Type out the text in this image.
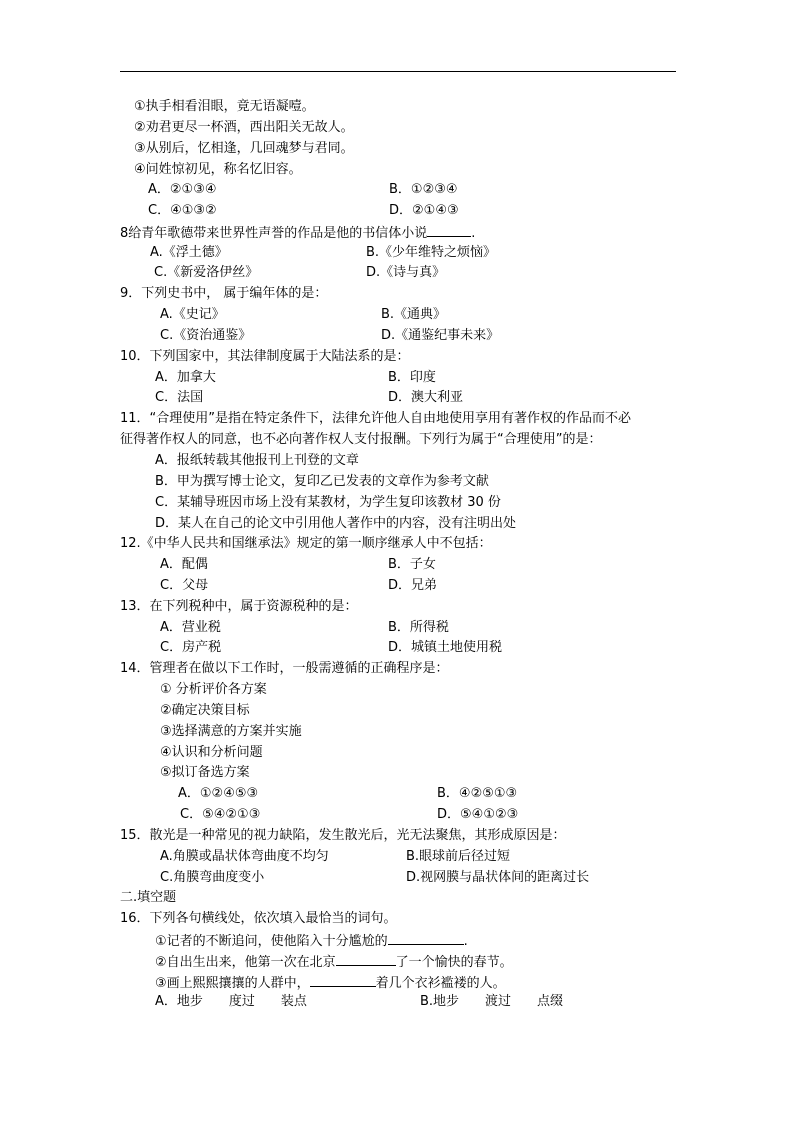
①执手相看泪眼，竟无语凝噎。
②劝君更尽一杯酒，西出阳关无故人。
③从别后，忆相逢，几回魂梦与君同。
④问姓惊初见，称名忆旧容。
A．②①③④	B．①②③④
C．④①③②	D．②①④③
8给青年歌德带来世界性声誉的作品是他的书信体小说	.
A.《浮土德》	B.《少年维特之烦恼》
C.《新爱洛伊丝》	D.《诗与真》
9．下列史书中， 属于编年体的是：
A.《史记》	B.《通典》
C.《资治通鉴》	D.《通鉴纪事未来》
10．下列国家中，其法律制度属于大陆法系的是：
A．加拿大	B．印度
C．法国	D．澳大利亚
11．“合理使用”是指在特定条件下，法律允许他人自由地使用享用有著作权的作品而不必
征得著作权人的同意，也不必向著作权人支付报酬。下列行为属于“合理使用”的是：
A．报纸转载其他报刊上刊登的文章
B．甲为撰写博士论文，复印乙已发表的文章作为参考文献
C．某辅导班因市场上没有某教材，为学生复印该教材 30 份
D．某人在自己的论文中引用他人著作中的内容，没有注明出处
12.《中华人民共和国继承法》规定的第一顺序继承人中不包括：
A．配偶	B．子女
C．父母	D．兄弟
13．在下列税种中，属于资源税种的是：
A．营业税	B．所得税
C．房产税	D．城镇土地使用税
14．管理者在做以下工作时，一般需遵循的正确程序是：
① 分析评价各方案
②确定决策目标
③选择满意的方案并实施
④认识和分析问题
⑤拟订备选方案
A．①②④⑤③	B．④②⑤①③
C．⑤④②①③	D．⑤④①②③
15．散光是一种常见的视力缺陷，发生散光后，光无法聚焦，其形成原因是：
A.角膜或晶状体弯曲度不均匀	B.眼球前后径过短
C.角膜弯曲度变小	D.视网膜与晶状体间的距离过长
二.填空题
16．下列各句横线处，依次填入最恰当的词句。
①记者的不断追问，使他陷入十分尴尬的	.
②自出生出来，他第一次在北京	了一个愉快的春节。
③画上熙熙攘攘的人群中，	着几个衣衫褴褛的人。
A．地步　　度过　　装点	B.地步　　渡过　　点缀
